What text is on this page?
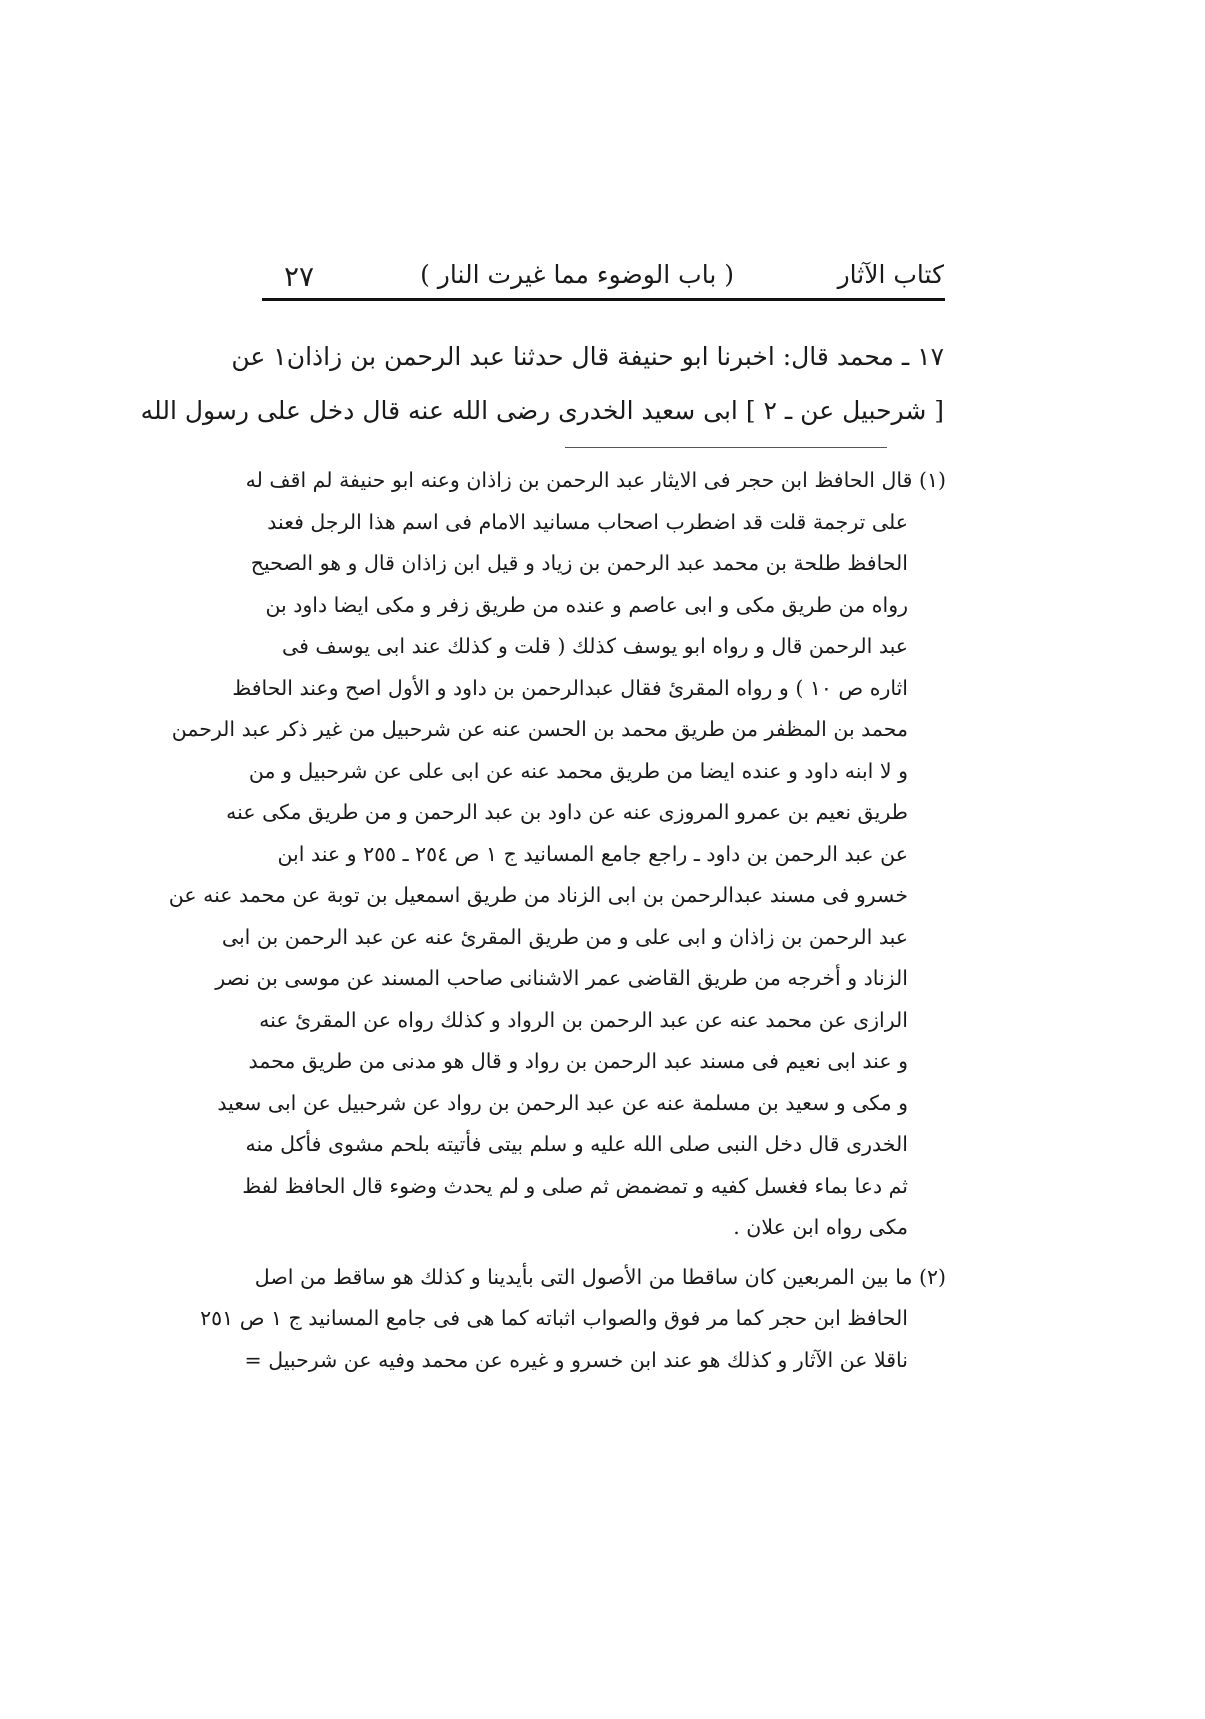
كتاب الآثار
( باب الوضوء مما غيرت النار )
٢٧
١٧ ـ محمد قال: اخبرنا ابو حنيفة قال حدثنا عبد الرحمن بن زاذان١ عن
[ شرحبيل عن ـ ٢ ] ابى سعيد الخدرى رضى الله عنه قال دخل على رسول الله
(١) قال الحافظ ابن حجر فى الايثار عبد الرحمن بن زاذان وعنه ابو حنيفة لم اقف له
على ترجمة قلت قد اضطرب اصحاب مسانيد الامام فى اسم هذا الرجل فعند
الحافظ طلحة بن محمد عبد الرحمن بن زياد و قيل ابن زاذان قال و هو الصحيح
رواه من طريق مكى و ابى عاصم و عنده من طريق زفر و مكى ايضا داود بن
عبد الرحمن قال و رواه ابو يوسف كذلك ( قلت و كذلك عند ابى يوسف فى
اثاره ص ١٠ ) و رواه المقرئ فقال عبدالرحمن بن داود و الأول اصح وعند الحافظ
محمد بن المظفر من طريق محمد بن الحسن عنه عن شرحبيل من غير ذكر عبد الرحمن
و لا ابنه داود و عنده ايضا من طريق محمد عنه عن ابى على عن شرحبيل و من
طريق نعيم بن عمرو المروزى عنه عن داود بن عبد الرحمن و من طريق مكى عنه
عن عبد الرحمن بن داود ـ راجع جامع المسانيد ج ١ ص ٢٥٤ ـ ٢٥٥ و عند ابن
خسرو فى مسند عبدالرحمن بن ابى الزناد من طريق اسمعيل بن توبة عن محمد عنه عن
عبد الرحمن بن زاذان و ابى على و من طريق المقرئ عنه عن عبد الرحمن بن ابى
الزناد و أخرجه من طريق القاضى عمر الاشنانى صاحب المسند عن موسى بن نصر
الرازى عن محمد عنه عن عبد الرحمن بن الرواد و كذلك رواه عن المقرئ عنه
و عند ابى نعيم فى مسند عبد الرحمن بن رواد و قال هو مدنى من طريق محمد
و مكى و سعيد بن مسلمة عنه عن عبد الرحمن بن رواد عن شرحبيل عن ابى سعيد
الخدرى قال دخل النبى صلى الله عليه و سلم بيتى فأتيته بلحم مشوى فأكل منه
ثم دعا بماء فغسل كفيه و تمضمض ثم صلى و لم يحدث وضوء قال الحافظ لفظ
مكى رواه ابن علان .
(٢) ما بين المربعين كان ساقطا من الأصول التى بأيدينا و كذلك هو ساقط من اصل
الحافظ ابن حجر كما مر فوق والصواب اثباته كما هى فى جامع المسانيد ج ١ ص ٢٥١
ناقلا عن الآثار و كذلك هو عند ابن خسرو و غيره عن محمد وفيه عن شرحبيل =
